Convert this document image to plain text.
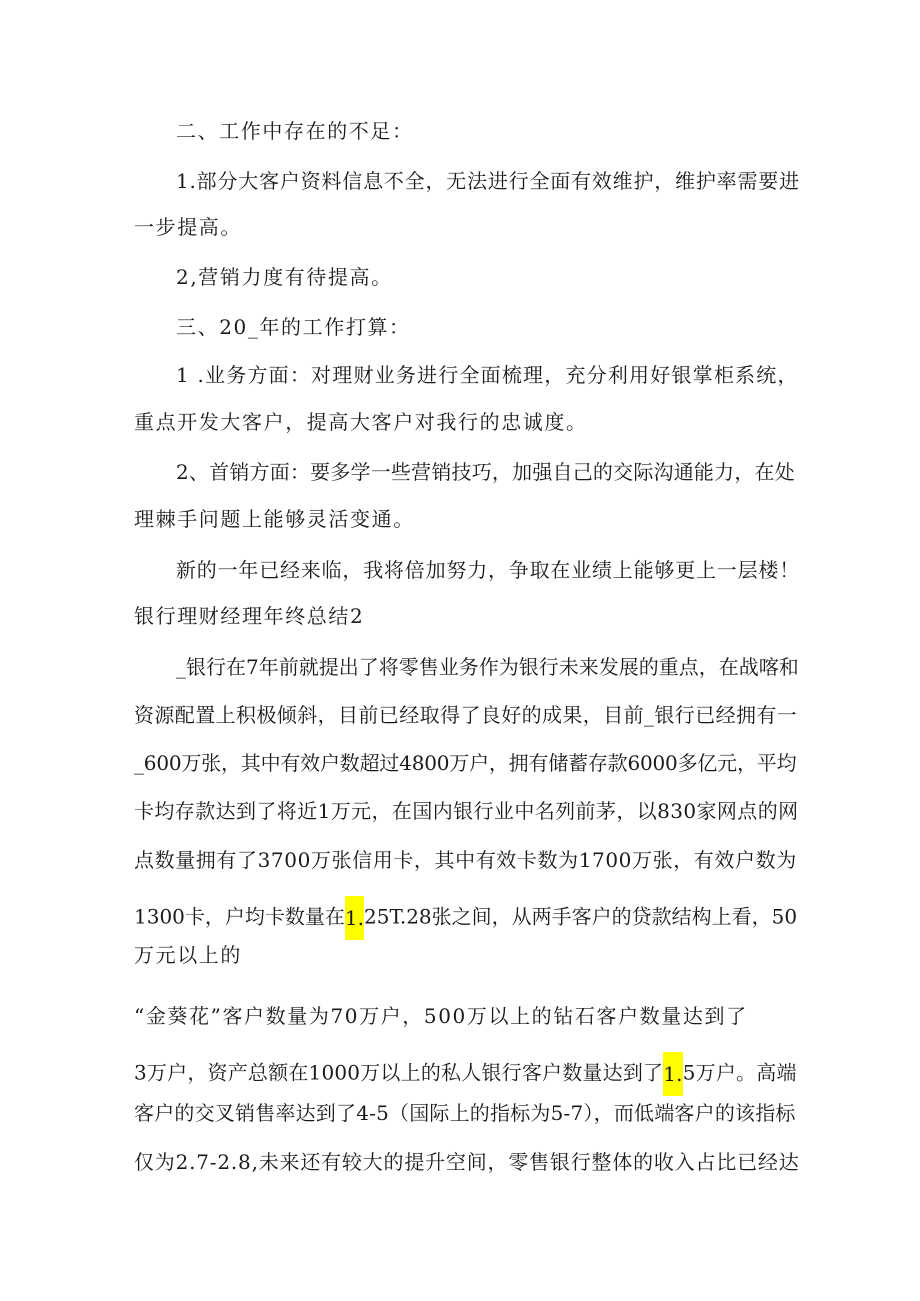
二、工作中存在的不足：
1.部分大客户资料信息不全，无法进行全面有效维护，维护率需要进
一步提高。
2,营销力度有待提高。
三、20_年的工作打算：
1 .业务方面：对理财业务进行全面梳理，充分利用好银掌柜系统，
重点开发大客户，提高大客户对我行的忠诚度。
2、首销方面：要多学一些营销技巧，加强自己的交际沟通能力，在处
理棘手问题上能够灵活变通。
新的一年已经来临，我将倍加努力，争取在业绩上能够更上一层楼！
银行理财经理年终总结2
_银行在7年前就提出了将零售业务作为银行未来发展的重点，在战喀和
资源配置上积极倾斜，目前已经取得了良好的成果，目前_银行已经拥有一
_600万张，其中有效户数超过4800万户，拥有储蓄存款6000多亿元，平均
卡均存款达到了将近1万元，在国内银行业中名列前茅，以830家网点的网
点数量拥有了3700万张信用卡，其中有效卡数为1700万张，有效户数为
1300卡，户均卡数量在1.25T.28张之间，从两手客户的贷款结构上看，50
万元以上的
“金葵花”客户数量为70万户，500万以上的钻石客户数量达到了
3万户，资产总额在1000万以上的私人银行客户数量达到了1.5万户。高端
客户的交叉销售率达到了4-5（国际上的指标为5-7），而低端客户的该指标
仅为2.7-2.8,未来还有较大的提升空间，零售银行整体的收入占比已经达
